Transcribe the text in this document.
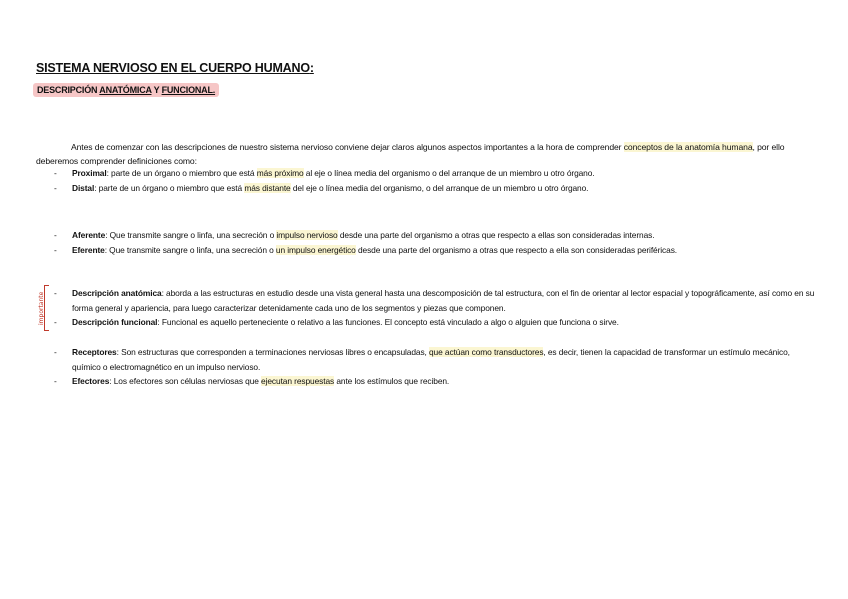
SISTEMA NERVIOSO EN EL CUERPO HUMANO:
DESCRIPCIÓN ANATÓMICA Y FUNCIONAL.

Antes de comenzar con las descripciones de nuestro sistema nervioso conviene dejar claros algunos aspectos importantes a la hora de comprender conceptos de la anatomía humana, por ello deberemos comprender definiciones como:

- Proximal: parte de un órgano o miembro que está más próximo al eje o línea media del organismo o del arranque de un miembro u otro órgano.
- Distal: parte de un órgano o miembro que está más distante del eje o línea media del organismo, o del arranque de un miembro u otro órgano.
- Aferente: Que transmite sangre o linfa, una secreción o impulso nervioso desde una parte del organismo a otras que respecto a ellas son consideradas internas.
- Eferente: Que transmite sangre o linfa, una secreción o un impulso energético desde una parte del organismo a otras que respecto a ella son consideradas periféricas.
importante - Descripción anatómica: aborda a las estructuras en estudio desde una vista general hasta una descomposición de tal estructura, con el fin de orientar al lector espacial y topográficamente, así como en su forma general y apariencia, para luego caracterizar detenidamente cada uno de los segmentos y piezas que componen.
- Descripción funcional: Funcional es aquello perteneciente o relativo a las funciones. El concepto está vinculado a algo o alguien que funciona o sirve.
- Receptores: Son estructuras que corresponden a terminaciones nerviosas libres o encapsuladas, que actúan como transductores, es decir, tienen la capacidad de transformar un estímulo mecánico, químico o electromagnético en un impulso nervioso.
- Efectores: Los efectores son células nerviosas que ejecutan respuestas ante los estímulos que reciben.
